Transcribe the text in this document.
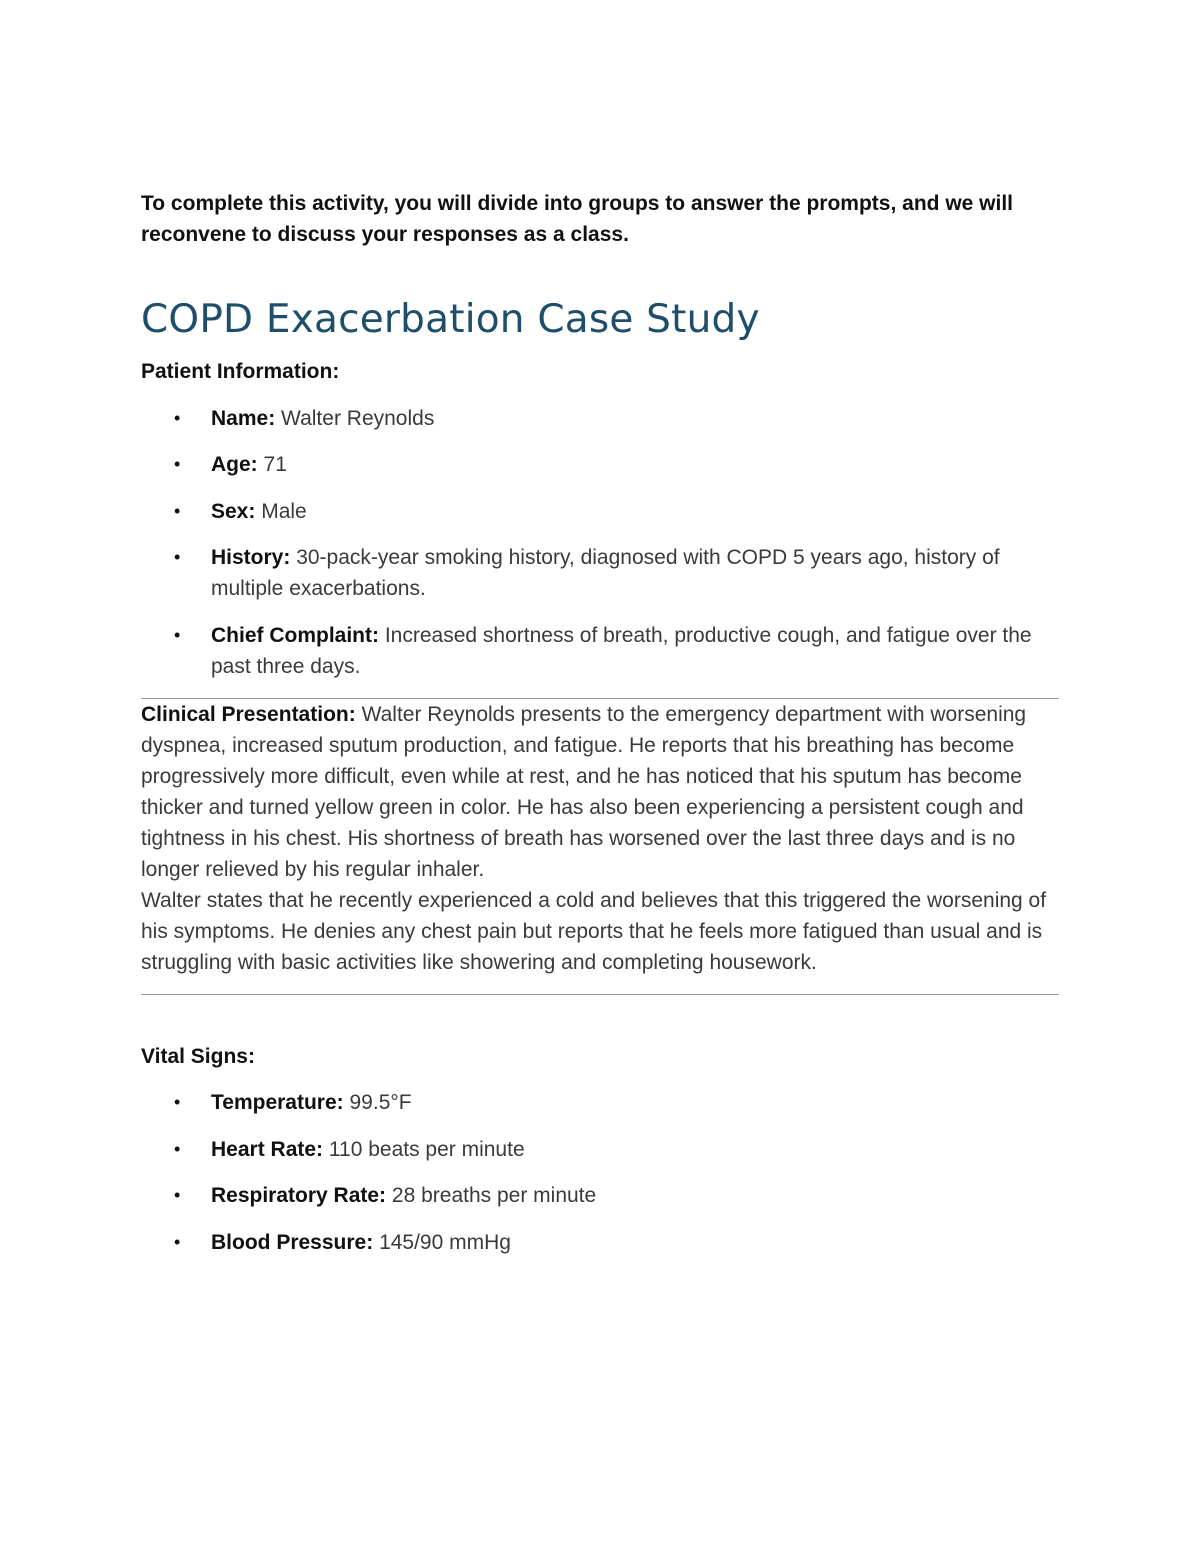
To complete this activity, you will divide into groups to answer the prompts, and we will reconvene to discuss your responses as a class.

COPD Exacerbation Case Study

Patient Information:

• Name: Walter Reynolds
• Age: 71
• Sex: Male
• History: 30-pack-year smoking history, diagnosed with COPD 5 years ago, history of multiple exacerbations.
• Chief Complaint: Increased shortness of breath, productive cough, and fatigue over the past three days.

Clinical Presentation: Walter Reynolds presents to the emergency department with worsening dyspnea, increased sputum production, and fatigue. He reports that his breathing has become progressively more difficult, even while at rest, and he has noticed that his sputum has become thicker and turned yellow green in color. He has also been experiencing a persistent cough and tightness in his chest. His shortness of breath has worsened over the last three days and is no longer relieved by his regular inhaler.

Walter states that he recently experienced a cold and believes that this triggered the worsening of his symptoms. He denies any chest pain but reports that he feels more fatigued than usual and is struggling with basic activities like showering and completing housework.

Vital Signs:

• Temperature: 99.5°F
• Heart Rate: 110 beats per minute
• Respiratory Rate: 28 breaths per minute
• Blood Pressure: 145/90 mmHg
